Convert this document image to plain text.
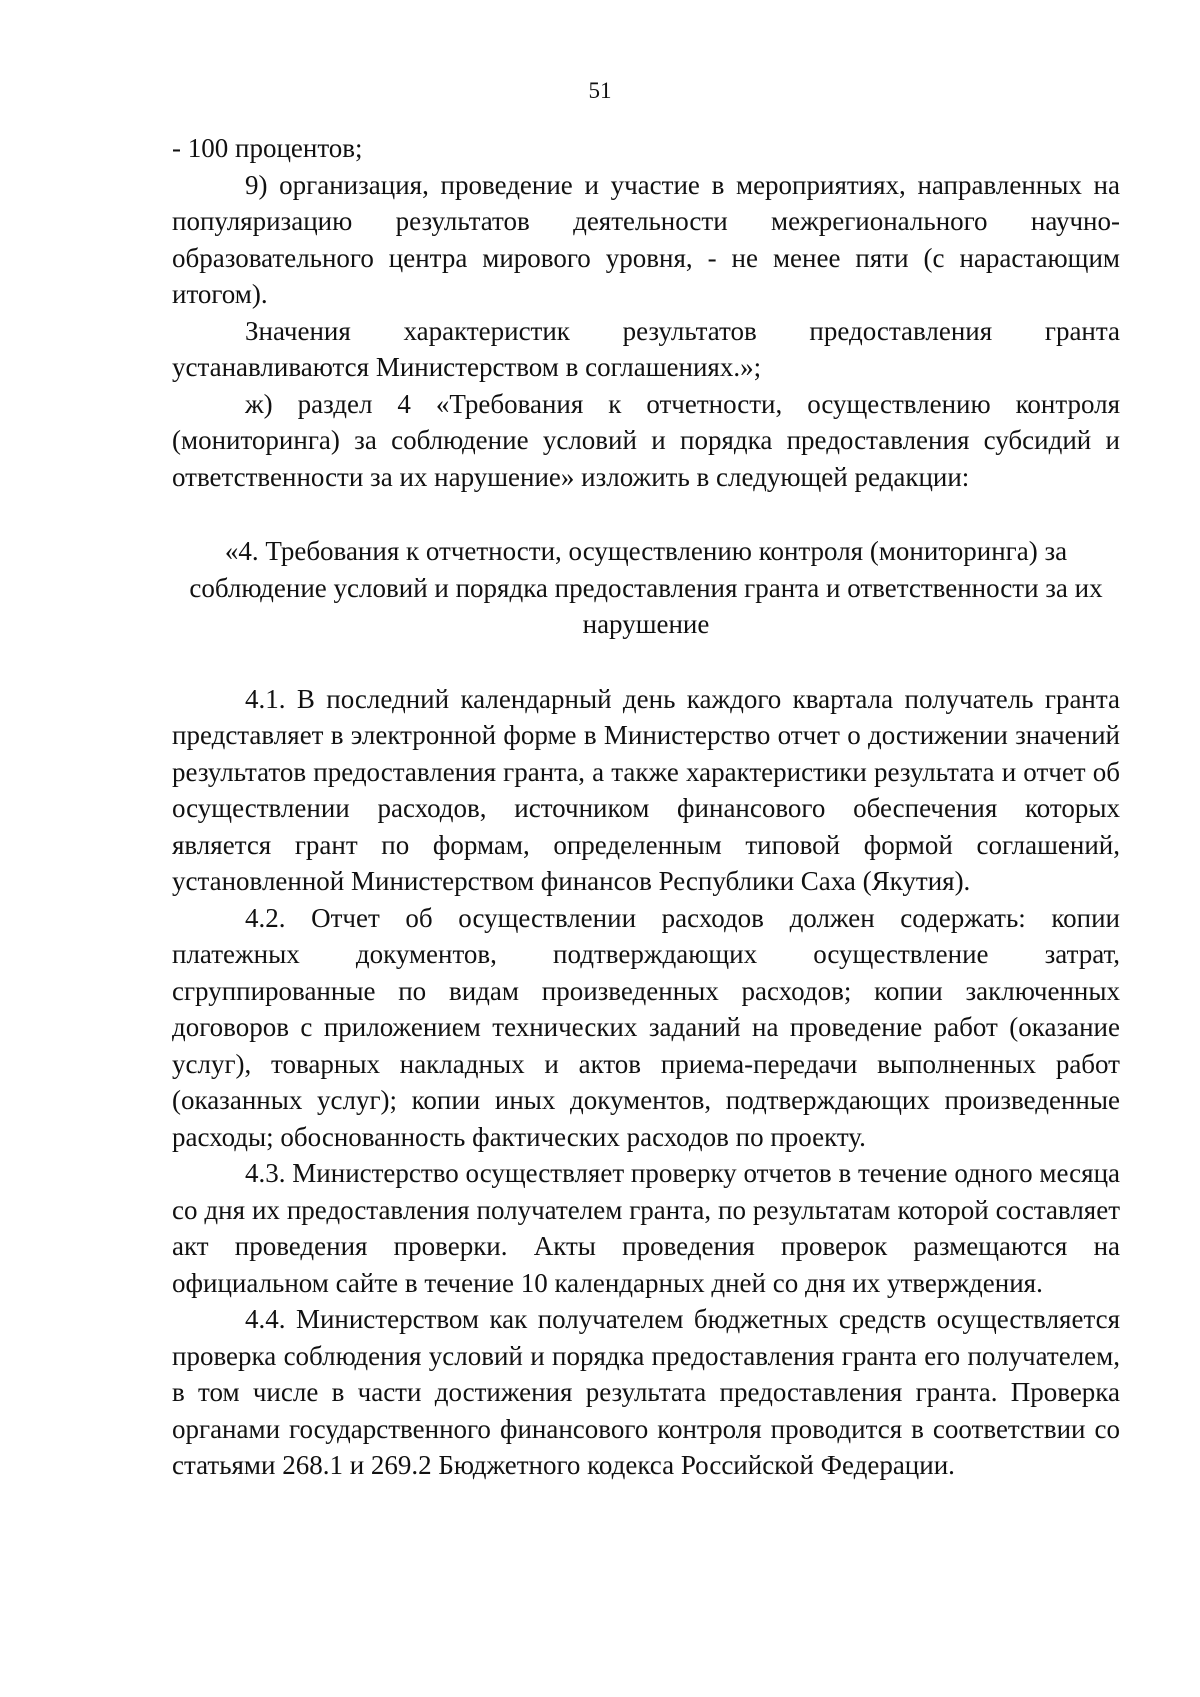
51

- 100 процентов;

9) организация, проведение и участие в мероприятиях, направленных на популяризацию результатов деятельности межрегионального научно-образовательного центра мирового уровня, - не менее пяти (с нарастающим итогом).

Значения характеристик результатов предоставления гранта устанавливаются Министерством в соглашениях.»;

ж) раздел 4 «Требования к отчетности, осуществлению контроля (мониторинга) за соблюдение условий и порядка предоставления субсидий и ответственности за их нарушение» изложить в следующей редакции:

«4. Требования к отчетности, осуществлению контроля (мониторинга) за
соблюдение условий и порядка предоставления гранта и ответственности за их
нарушение

4.1. В последний календарный день каждого квартала получатель гранта представляет в электронной форме в Министерство отчет о достижении значений результатов предоставления гранта, а также характеристики результата и отчет об осуществлении расходов, источником финансового обеспечения которых является грант по формам, определенным типовой формой соглашений, установленной Министерством финансов Республики Саха (Якутия).

4.2. Отчет об осуществлении расходов должен содержать: копии платежных документов, подтверждающих осуществление затрат, сгруппированные по видам произведенных расходов; копии заключенных договоров с приложением технических заданий на проведение работ (оказание услуг), товарных накладных и актов приема-передачи выполненных работ (оказанных услуг); копии иных документов, подтверждающих произведенные расходы; обоснованность фактических расходов по проекту.

4.3. Министерство осуществляет проверку отчетов в течение одного месяца со дня их предоставления получателем гранта, по результатам которой составляет акт проведения проверки. Акты проведения проверок размещаются на официальном сайте в течение 10 календарных дней со дня их утверждения.

4.4. Министерством как получателем бюджетных средств осуществляется проверка соблюдения условий и порядка предоставления гранта его получателем, в том числе в части достижения результата предоставления гранта. Проверка органами государственного финансового контроля проводится в соответствии со статьями 268.1 и 269.2 Бюджетного кодекса Российской Федерации.
